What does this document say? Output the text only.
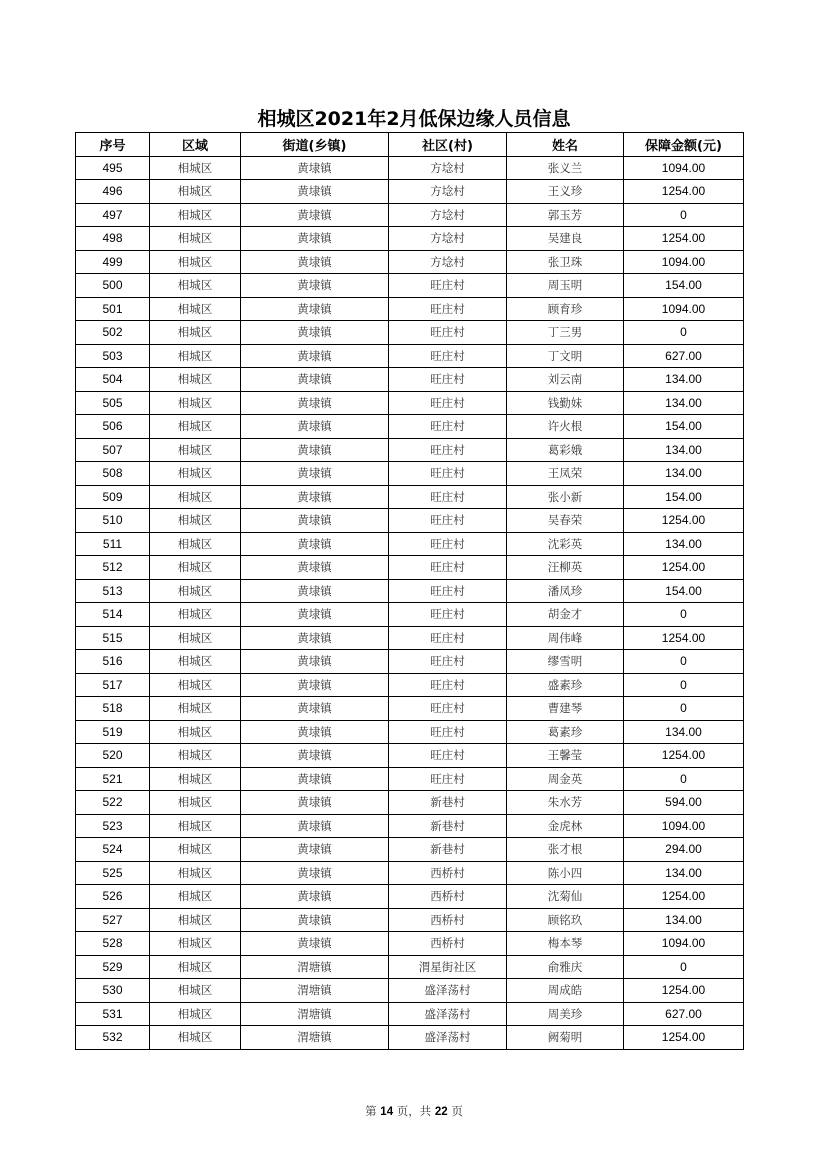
相城区2021年2月低保边缘人员信息
序号	区域	街道(乡镇)	社区(村)	姓名	保障金额(元)
495	相城区	黄埭镇	方埝村	张义兰	1094.00
496	相城区	黄埭镇	方埝村	王义珍	1254.00
497	相城区	黄埭镇	方埝村	郭玉芳	0
498	相城区	黄埭镇	方埝村	吴建良	1254.00
499	相城区	黄埭镇	方埝村	张卫珠	1094.00
500	相城区	黄埭镇	旺庄村	周玉明	154.00
501	相城区	黄埭镇	旺庄村	顾育珍	1094.00
502	相城区	黄埭镇	旺庄村	丁三男	0
503	相城区	黄埭镇	旺庄村	丁文明	627.00
504	相城区	黄埭镇	旺庄村	刘云南	134.00
505	相城区	黄埭镇	旺庄村	钱勤妹	134.00
506	相城区	黄埭镇	旺庄村	许火根	154.00
507	相城区	黄埭镇	旺庄村	葛彩娥	134.00
508	相城区	黄埭镇	旺庄村	王凤荣	134.00
509	相城区	黄埭镇	旺庄村	张小新	154.00
510	相城区	黄埭镇	旺庄村	吴春荣	1254.00
511	相城区	黄埭镇	旺庄村	沈彩英	134.00
512	相城区	黄埭镇	旺庄村	汪柳英	1254.00
513	相城区	黄埭镇	旺庄村	潘凤珍	154.00
514	相城区	黄埭镇	旺庄村	胡金才	0
515	相城区	黄埭镇	旺庄村	周伟峰	1254.00
516	相城区	黄埭镇	旺庄村	缪雪明	0
517	相城区	黄埭镇	旺庄村	盛素珍	0
518	相城区	黄埭镇	旺庄村	曹建琴	0
519	相城区	黄埭镇	旺庄村	葛素珍	134.00
520	相城区	黄埭镇	旺庄村	王馨莹	1254.00
521	相城区	黄埭镇	旺庄村	周金英	0
522	相城区	黄埭镇	新巷村	朱水芳	594.00
523	相城区	黄埭镇	新巷村	金虎林	1094.00
524	相城区	黄埭镇	新巷村	张才根	294.00
525	相城区	黄埭镇	西桥村	陈小四	134.00
526	相城区	黄埭镇	西桥村	沈菊仙	1254.00
527	相城区	黄埭镇	西桥村	顾铭玖	134.00
528	相城区	黄埭镇	西桥村	梅本琴	1094.00
529	相城区	渭塘镇	渭星街社区	俞雅庆	0
530	相城区	渭塘镇	盛泽荡村	周成皓	1254.00
531	相城区	渭塘镇	盛泽荡村	周美珍	627.00
532	相城区	渭塘镇	盛泽荡村	阙菊明	1254.00
第 14 页，共 22 页
